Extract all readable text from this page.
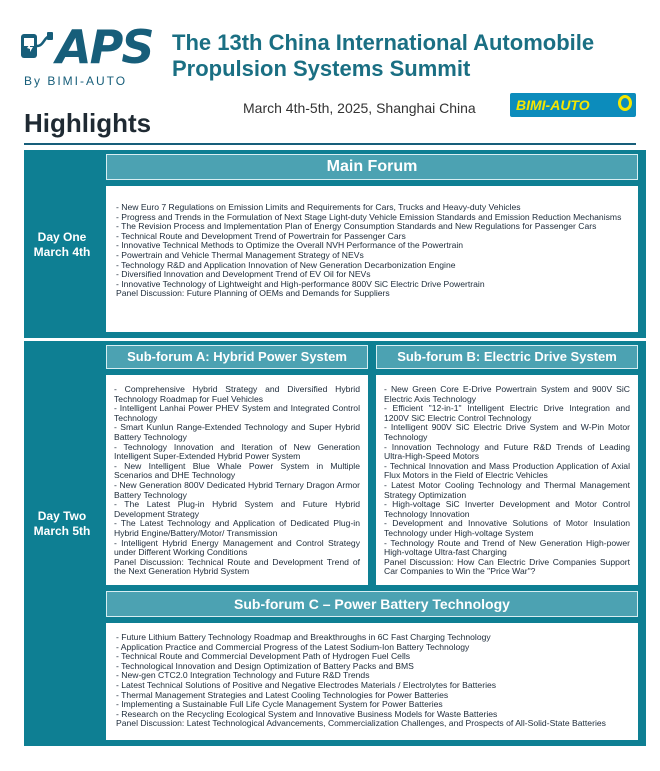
APS
By BIMI-AUTO
The 13th China International Automobile
Propulsion Systems Summit
March 4th-5th, 2025, Shanghai China	BIMI-AUTO
Highlights
Day One
March 4th
Main Forum
- New Euro 7 Regulations on Emission Limits and Requirements for Cars, Trucks and Heavy-duty Vehicles
- Progress and Trends in the Formulation of Next Stage Light-duty Vehicle Emission Standards and Emission Reduction Mechanisms
- The Revision Process and Implementation Plan of Energy Consumption Standards and New Regulations for Passenger Cars
- Technical Route and Development Trend of Powertrain for Passenger Cars
- Innovative Technical Methods to Optimize the Overall NVH Performance of the Powertrain
- Powertrain and Vehicle Thermal Management Strategy of NEVs
- Technology R&D and Application Innovation of New Generation Decarbonization Engine
- Diversified Innovation and Development Trend of EV Oil for NEVs
- Innovative Technology of Lightweight and High-performance 800V SiC Electric Drive Powertrain
Panel Discussion: Future Planning of OEMs and Demands for Suppliers
Day Two
March 5th
Sub-forum A: Hybrid Power System
- Comprehensive Hybrid Strategy and Diversified Hybrid Technology Roadmap for Fuel Vehicles
- Intelligent Lanhai Power PHEV System and Integrated Control Technology
- Smart Kunlun Range-Extended Technology and Super Hybrid Battery Technology
- Technology Innovation and Iteration of New Generation Intelligent Super-Extended Hybrid Power System
- New Intelligent Blue Whale Power System in Multiple Scenarios and DHE Technology
- New Generation 800V Dedicated Hybrid Ternary Dragon Armor Battery Technology
- The Latest Plug-in Hybrid System and Future Hybrid Development Strategy
- The Latest Technology and Application of Dedicated Plug-in Hybrid Engine/Battery/Motor/ Transmission
- Intelligent Hybrid Energy Management and Control Strategy under Different Working Conditions
Panel Discussion: Technical Route and Development Trend of the Next Generation Hybrid System
Sub-forum B: Electric Drive System
- New Green Core E-Drive Powertrain System and 900V SiC Electric Axis Technology
- Efficient "12-in-1" Intelligent Electric Drive Integration and 1200V SiC Electric Control Technology
- Intelligent 900V SiC Electric Drive System and W-Pin Motor Technology
- Innovation Technology and Future R&D Trends of Leading Ultra-High-Speed Motors
- Technical Innovation and Mass Production Application of Axial Flux Motors in the Field of Electric Vehicles
- Latest Motor Cooling Technology and Thermal Management Strategy Optimization
- High-voltage SiC Inverter Development and Motor Control Technology Innovation
- Development and Innovative Solutions of Motor Insulation Technology under High-voltage System
- Technology Route and Trend of New Generation High-power High-voltage Ultra-fast Charging
Panel Discussion: How Can Electric Drive Companies Support Car Companies to Win the "Price War"?
Sub-forum C – Power Battery Technology
- Future Lithium Battery Technology Roadmap and Breakthroughs in 6C Fast Charging Technology
- Application Practice and Commercial Progress of the Latest Sodium-Ion Battery Technology
- Technical Route and Commercial Development Path of Hydrogen Fuel Cells
- Technological Innovation and Design Optimization of Battery Packs and BMS
- New-gen CTC2.0 Integration Technology and Future R&D Trends
- Latest Technical Solutions of Positive and Negative Electrodes Materials / Electrolytes for Batteries
- Thermal Management Strategies and Latest Cooling Technologies for Power Batteries
- Implementing a Sustainable Full Life Cycle Management System for Power Batteries
- Research on the Recycling Ecological System and Innovative Business Models for Waste Batteries
Panel Discussion: Latest Technological Advancements, Commercialization Challenges, and Prospects of All-Solid-State Batteries
